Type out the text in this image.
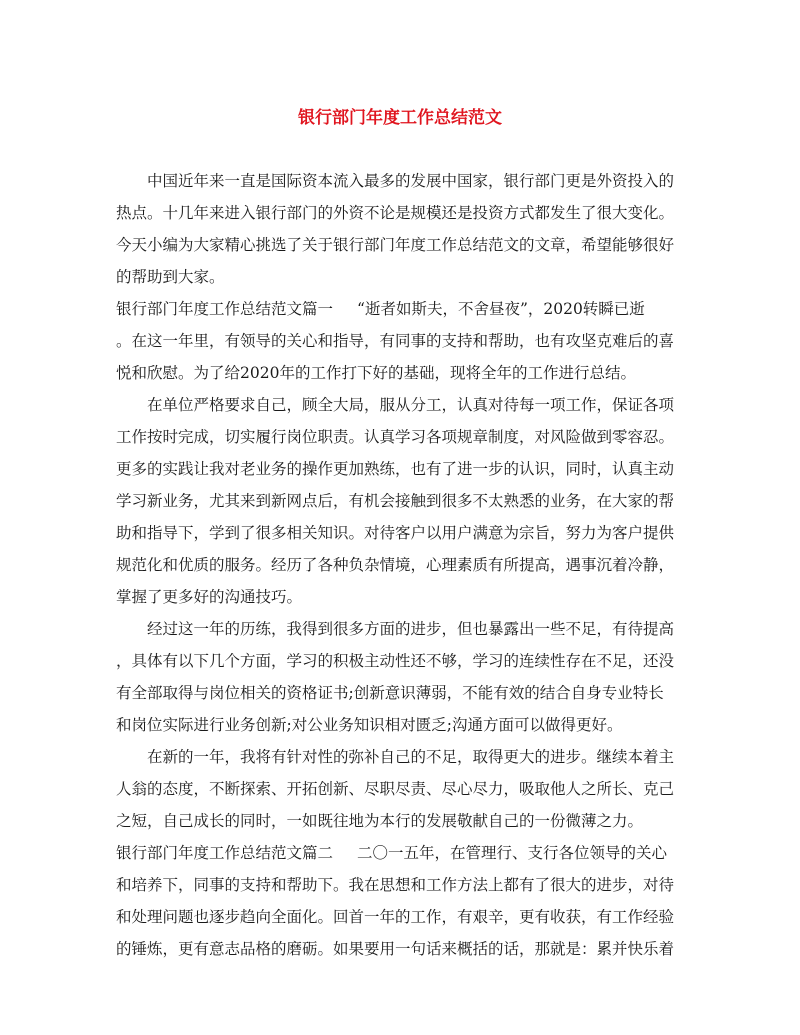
银行部门年度工作总结范文
中国近年来一直是国际资本流入最多的发展中国家，银行部门更是外资投入的
热点。十几年来进入银行部门的外资不论是规模还是投资方式都发生了很大变化。
今天小编为大家精心挑选了关于银行部门年度工作总结范文的文章，希望能够很好
的帮助到大家。
银行部门年度工作总结范文篇一 “逝者如斯夫，不舍昼夜”，2020转瞬已逝
。在这一年里，有领导的关心和指导，有同事的支持和帮助，也有攻坚克难后的喜
悦和欣慰。为了给2020年的工作打下好的基础，现将全年的工作进行总结。
在单位严格要求自己，顾全大局，服从分工，认真对待每一项工作，保证各项
工作按时完成，切实履行岗位职责。认真学习各项规章制度，对风险做到零容忍。
更多的实践让我对老业务的操作更加熟练，也有了进一步的认识，同时，认真主动
学习新业务，尤其来到新网点后，有机会接触到很多不太熟悉的业务，在大家的帮
助和指导下，学到了很多相关知识。对待客户以用户满意为宗旨，努力为客户提供
规范化和优质的服务。经历了各种负杂情境，心理素质有所提高，遇事沉着冷静，
掌握了更多好的沟通技巧。
经过这一年的历练，我得到很多方面的进步，但也暴露出一些不足，有待提高
，具体有以下几个方面，学习的积极主动性还不够，学习的连续性存在不足，还没
有全部取得与岗位相关的资格证书;创新意识薄弱，不能有效的结合自身专业特长
和岗位实际进行业务创新;对公业务知识相对匮乏;沟通方面可以做得更好。
在新的一年，我将有针对性的弥补自己的不足，取得更大的进步。继续本着主
人翁的态度，不断探索、开拓创新、尽职尽责、尽心尽力，吸取他人之所长、克己
之短，自己成长的同时，一如既往地为本行的发展敬献自己的一份微薄之力。
银行部门年度工作总结范文篇二 二〇一五年，在管理行、支行各位领导的关心
和培养下，同事的支持和帮助下。我在思想和工作方法上都有了很大的进步，对待
和处理问题也逐步趋向全面化。回首一年的工作，有艰辛，更有收获，有工作经验
的锤炼，更有意志品格的磨砺。如果要用一句话来概括的话，那就是：累并快乐着
